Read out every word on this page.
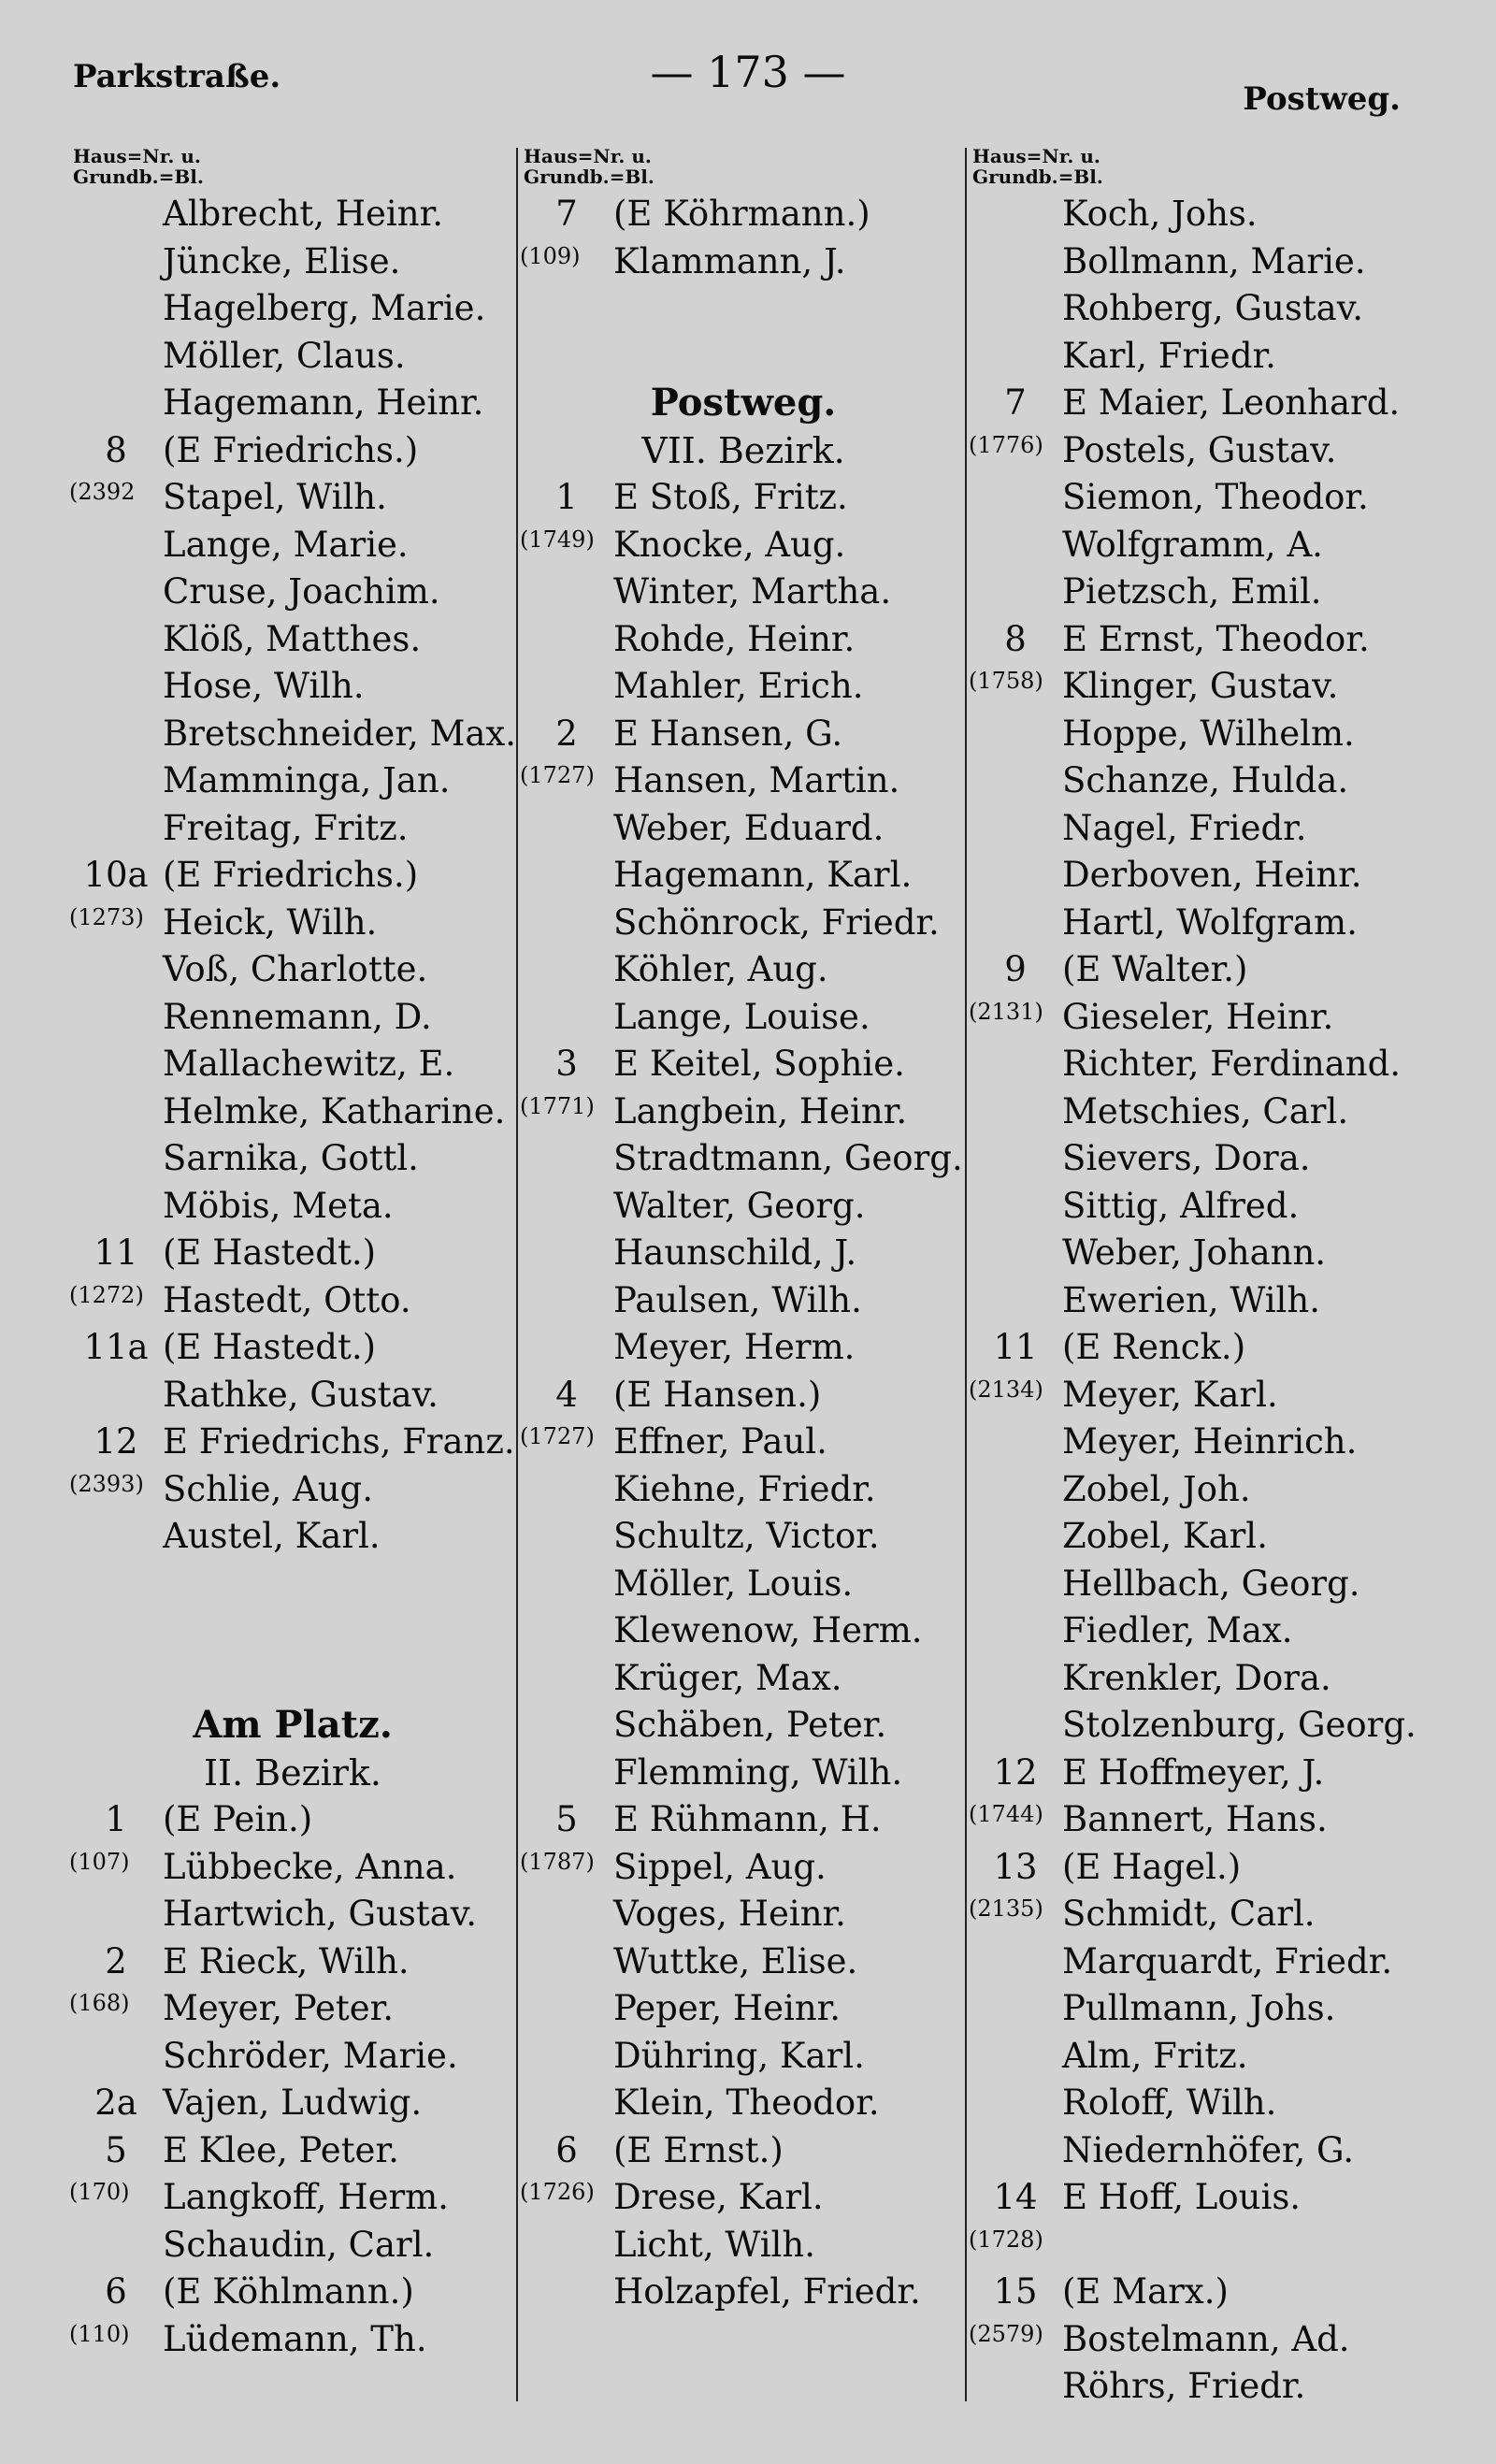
Parkstraße.	— 173 —
Postweg.
Haus=Nr. u.
Grundb.=Bl.
Albrecht, Heinr.
Jüncke, Elise.
Hagelberg, Marie.
Möller, Claus.
Hagemann, Heinr.
8	(E Friedrichs.)
(2392 Stapel, Wilh.
Lange, Marie.
Cruse, Joachim.
Klöß, Matthes.
Hose, Wilh.
Bretschneider, Max.
Mamminga, Jan.
Freitag, Fritz.
10a (E Friedrichs.)
(1273) Heick, Wilh.
Voß, Charlotte.
Rennemann, D.
Mallachewitz, E.
Helmke, Katharine.
Sarnika, Gottl.
Möbis, Meta.
11 (E Hastedt.)
(1272) Hastedt, Otto.
11a (E Hastedt.)
Rathke, Gustav.
12 E Friedrichs, Franz.
(2393) Schlie, Aug.
Austel, Karl.
Am Platz.
II. Bezirk.
1	(E Pein.)
(107) Lübbecke, Anna.
Hartwich, Gustav.
2	E Rieck, Wilh.
(168) Meyer, Peter.
Schröder, Marie.
2a Vajen, Ludwig.
5	E Klee, Peter.
(170) Langkoff, Herm.
Schaudin, Carl.
6	(E Köhlmann.)
(110) Lüdemann, Th.
Haus=Nr. u.
Grundb.=Bl.
7	(E Köhrmann.)
(109) Klammann, J.
Postweg.
VII. Bezirk.
1	E Stoß, Fritz.
(1749) Knocke, Aug.
Winter, Martha.
Rohde, Heinr.
Mahler, Erich.
2	E Hansen, G.
(1727) Hansen, Martin.
Weber, Eduard.
Hagemann, Karl.
Schönrock, Friedr.
Köhler, Aug.
Lange, Louise.
3	E Keitel, Sophie.
(1771) Langbein, Heinr.
Stradtmann, Georg.
Walter, Georg.
Haunschild, J.
Paulsen, Wilh.
Meyer, Herm.
4	(E Hansen.)
(1727) Effner, Paul.
Kiehne, Friedr.
Schultz, Victor.
Möller, Louis.
Klewenow, Herm.
Krüger, Max.
Schäben, Peter.
Flemming, Wilh.
5	E Rühmann, H.
(1787) Sippel, Aug.
Voges, Heinr.
Wuttke, Elise.
Peper, Heinr.
Dühring, Karl.
Klein, Theodor.
6	(E Ernst.)
(1726) Drese, Karl.
Licht, Wilh.
Holzapfel, Friedr.
Haus=Nr. u.
Grundb.=Bl.
Koch, Johs.
Bollmann, Marie.
Rohberg, Gustav.
Karl, Friedr.
7	E Maier, Leonhard.
(1776) Postels, Gustav.
Siemon, Theodor.
Wolfgramm, A.
Pietzsch, Emil.
8	E Ernst, Theodor.
(1758) Klinger, Gustav.
Hoppe, Wilhelm.
Schanze, Hulda.
Nagel, Friedr.
Derboven, Heinr.
Hartl, Wolfgram.
9	(E Walter.)
(2131) Gieseler, Heinr.
Richter, Ferdinand.
Metschies, Carl.
Sievers, Dora.
Sittig, Alfred.
Weber, Johann.
Ewerien, Wilh.
11 (E Renck.)
(2134) Meyer, Karl.
Meyer, Heinrich.
Zobel, Joh.
Zobel, Karl.
Hellbach, Georg.
Fiedler, Max.
Krenkler, Dora.
Stolzenburg, Georg.
12 E Hoffmeyer, J.
(1744) Bannert, Hans.
13 (E Hagel.)
(2135) Schmidt, Carl.
Marquardt, Friedr.
Pullmann, Johs.
Alm, Fritz.
Roloff, Wilh.
Niedernhöfer, G.
14 E Hoff, Louis.
(1728)
15 (E Marx.)
(2579) Bostelmann, Ad.
Röhrs, Friedr.
